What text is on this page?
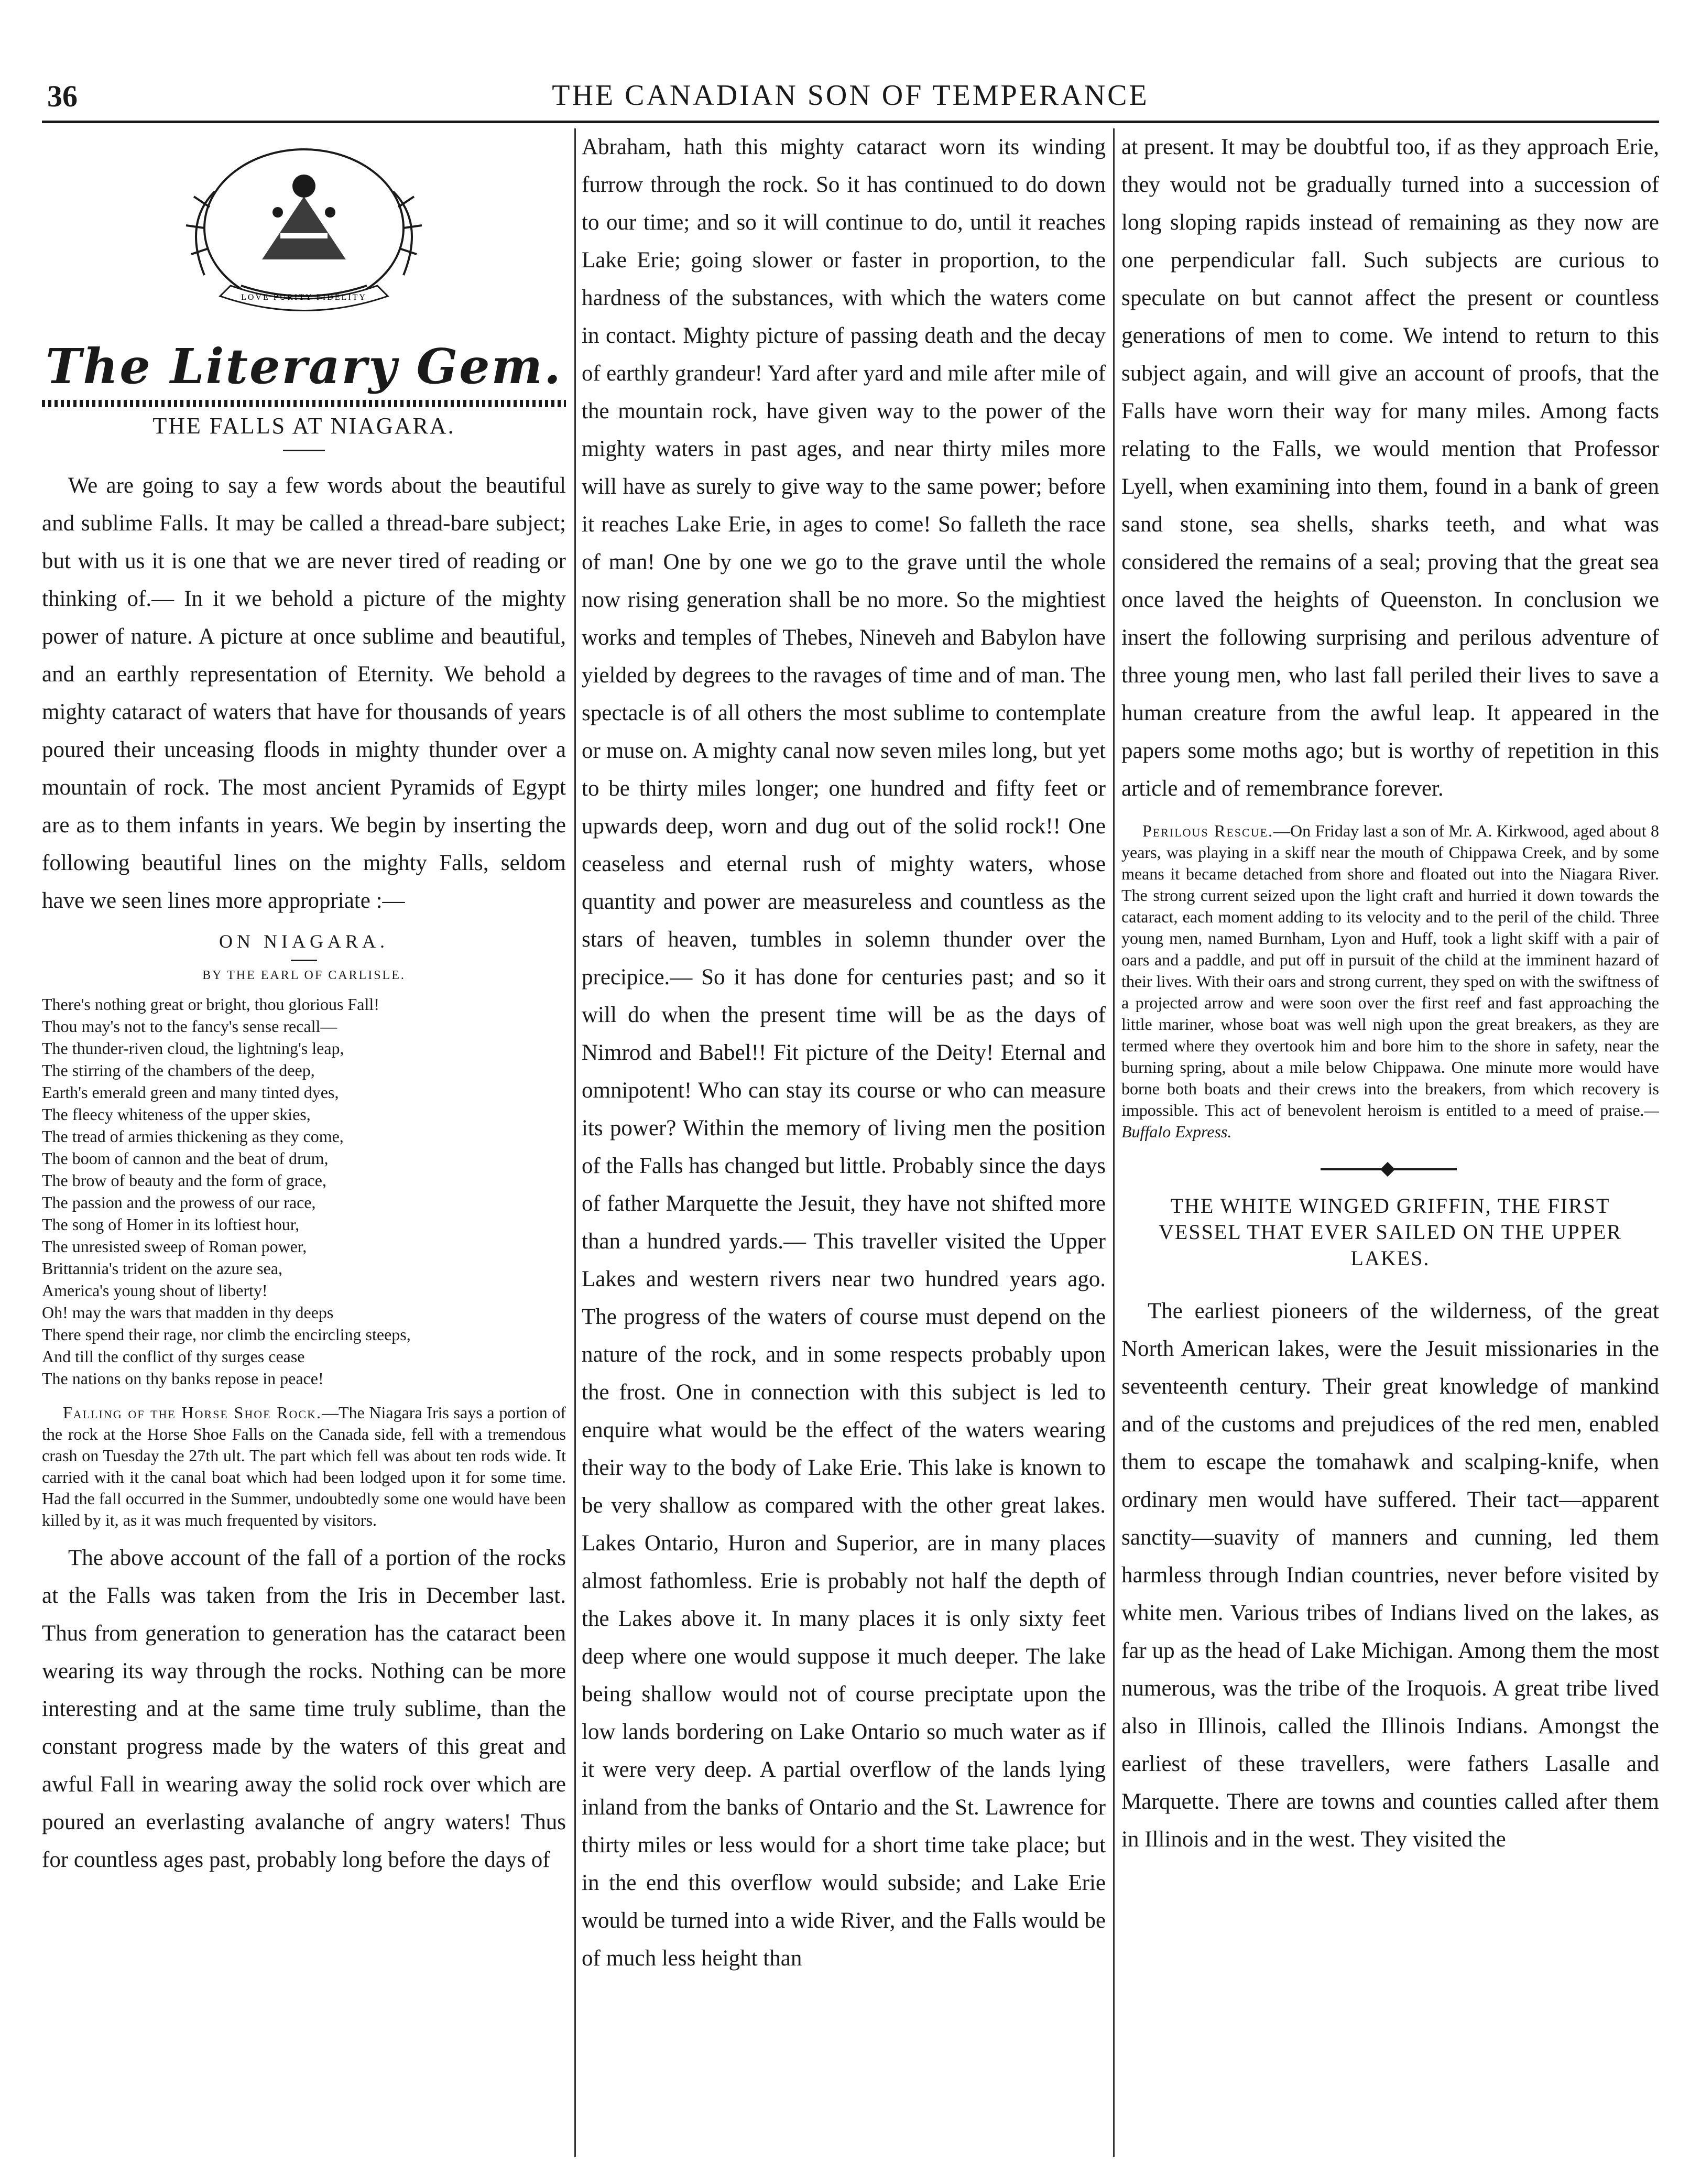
36	THE CANADIAN SON OF TEMPERANCE
LOVE PURITY FIDELITY
The Literary Gem.
THE FALLS AT NIAGARA.

We are going to say a few words about the beautiful and sublime Falls. It may be called a thread-bare subject; but with us it is one that we are never tired of reading or thinking of.— In it we behold a picture of the mighty power of nature. A picture at once sublime and beautiful, and an earthly representation of Eternity. We behold a mighty cataract of waters that have for thousands of years poured their unceasing floods in mighty thunder over a mountain of rock. The most ancient Pyramids of Egypt are as to them infants in years. We begin by inserting the following beautiful lines on the mighty Falls, seldom have we seen lines more appropriate :—

ON NIAGARA.
BY THE EARL OF CARLISLE.
There's nothing great or bright, thou glorious Fall!
Thou may's not to the fancy's sense recall—
The thunder-riven cloud, the lightning's leap,
The stirring of the chambers of the deep,
Earth's emerald green and many tinted dyes,
The fleecy whiteness of the upper skies,
The tread of armies thickening as they come,
The boom of cannon and the beat of drum,
The brow of beauty and the form of grace,
The passion and the prowess of our race,
The song of Homer in its loftiest hour,
The unresisted sweep of Roman power,
Brittannia's trident on the azure sea,
America's young shout of liberty!
Oh! may the wars that madden in thy deeps
There spend their rage, nor climb the encircling steeps,
And till the conflict of thy surges cease
The nations on thy banks repose in peace!

Falling of the Horse Shoe Rock.—The Niagara Iris says a portion of the rock at the Horse Shoe Falls on the Canada side, fell with a tremendous crash on Tuesday the 27th ult. The part which fell was about ten rods wide. It carried with it the canal boat which had been lodged upon it for some time. Had the fall occurred in the Summer, undoubtedly some one would have been killed by it, as it was much frequented by visitors.

The above account of the fall of a portion of the rocks at the Falls was taken from the Iris in December last. Thus from generation to generation has the cataract been wearing its way through the rocks. Nothing can be more interesting and at the same time truly sublime, than the constant progress made by the waters of this great and awful Fall in wearing away the solid rock over which are poured an everlasting avalanche of angry waters! Thus for countless ages past, probably long before the days of

Abraham, hath this mighty cataract worn its winding furrow through the rock. So it has continued to do down to our time; and so it will continue to do, until it reaches Lake Erie; going slower or faster in proportion, to the hardness of the substances, with which the waters come in contact. Mighty picture of passing death and the decay of earthly grandeur! Yard after yard and mile after mile of the mountain rock, have given way to the power of the mighty waters in past ages, and near thirty miles more will have as surely to give way to the same power; before it reaches Lake Erie, in ages to come! So falleth the race of man! One by one we go to the grave until the whole now rising generation shall be no more. So the mightiest works and temples of Thebes, Nineveh and Babylon have yielded by degrees to the ravages of time and of man. The spectacle is of all others the most sublime to contemplate or muse on. A mighty canal now seven miles long, but yet to be thirty miles longer; one hundred and fifty feet or upwards deep, worn and dug out of the solid rock!! One ceaseless and eternal rush of mighty waters, whose quantity and power are measureless and countless as the stars of heaven, tumbles in solemn thunder over the precipice.— So it has done for centuries past; and so it will do when the present time will be as the days of Nimrod and Babel!! Fit picture of the Deity! Eternal and omnipotent! Who can stay its course or who can measure its power? Within the memory of living men the position of the Falls has changed but little. Probably since the days of father Marquette the Jesuit, they have not shifted more than a hundred yards.— This traveller visited the Upper Lakes and western rivers near two hundred years ago. The progress of the waters of course must depend on the nature of the rock, and in some respects probably upon the frost. One in connection with this subject is led to enquire what would be the effect of the waters wearing their way to the body of Lake Erie. This lake is known to be very shallow as compared with the other great lakes. Lakes Ontario, Huron and Superior, are in many places almost fathomless. Erie is probably not half the depth of the Lakes above it. In many places it is only sixty feet deep where one would suppose it much deeper. The lake being shallow would not of course preciptate upon the low lands bordering on Lake Ontario so much water as if it were very deep. A partial overflow of the lands lying inland from the banks of Ontario and the St. Lawrence for thirty miles or less would for a short time take place; but in the end this overflow would subside; and Lake Erie would be turned into a wide River, and the Falls would be of much less height than

at present. It may be doubtful too, if as they approach Erie, they would not be gradually turned into a succession of long sloping rapids instead of remaining as they now are one perpendicular fall. Such subjects are curious to speculate on but cannot affect the present or countless generations of men to come. We intend to return to this subject again, and will give an account of proofs, that the Falls have worn their way for many miles. Among facts relating to the Falls, we would mention that Professor Lyell, when examining into them, found in a bank of green sand stone, sea shells, sharks teeth, and what was considered the remains of a seal; proving that the great sea once laved the heights of Queenston. In conclusion we insert the following surprising and perilous adventure of three young men, who last fall periled their lives to save a human creature from the awful leap. It appeared in the papers some moths ago; but is worthy of repetition in this article and of remembrance forever.

Perilous Rescue.—On Friday last a son of Mr. A. Kirkwood, aged about 8 years, was playing in a skiff near the mouth of Chippawa Creek, and by some means it became detached from shore and floated out into the Niagara River. The strong current seized upon the light craft and hurried it down towards the cataract, each moment adding to its velocity and to the peril of the child. Three young men, named Burnham, Lyon and Huff, took a light skiff with a pair of oars and a paddle, and put off in pursuit of the child at the imminent hazard of their lives. With their oars and strong current, they sped on with the swiftness of a projected arrow and were soon over the first reef and fast approaching the little mariner, whose boat was well nigh upon the great breakers, as they are termed where they overtook him and bore him to the shore in safety, near the burning spring, about a mile below Chippawa. One minute more would have borne both boats and their crews into the breakers, from which recovery is impossible. This act of benevolent heroism is entitled to a meed of praise.—Buffalo Express.

THE WHITE WINGED GRIFFIN, THE FIRST VESSEL THAT EVER SAILED ON THE UPPER LAKES.

The earliest pioneers of the wilderness, of the great North American lakes, were the Jesuit missionaries in the seventeenth century. Their great knowledge of mankind and of the customs and prejudices of the red men, enabled them to escape the tomahawk and scalping-knife, when ordinary men would have suffered. Their tact—apparent sanctity—suavity of manners and cunning, led them harmless through Indian countries, never before visited by white men. Various tribes of Indians lived on the lakes, as far up as the head of Lake Michigan. Among them the most numerous, was the tribe of the Iroquois. A great tribe lived also in Illinois, called the Illinois Indians. Amongst the earliest of these travellers, were fathers Lasalle and Marquette. There are towns and counties called after them in Illinois and in the west. They visited the
